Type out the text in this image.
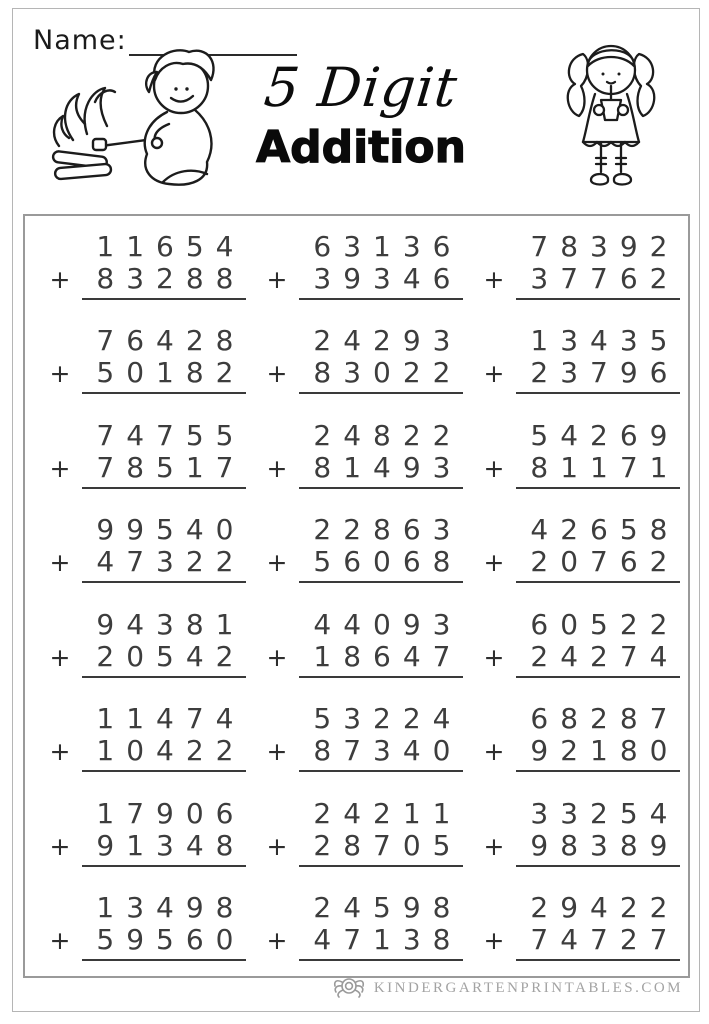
Name:
5 Digit
Addition
11654
+ 83288
63136
+ 39346
78392
+ 37762
76428
+ 50182
24293
+ 83022
13435
+ 23796
74755
+ 78517
24822
+ 81493
54269
+ 81171
99540
+ 47322
22863
+ 56068
42658
+ 20762
94381
+ 20542
44093
+ 18647
60522
+ 24274
11474
+ 10422
53224
+ 87340
68287
+ 92180
17906
+ 91348
24211
+ 28705
33254
+ 98389
13498
+ 59560
24598
+ 47138
29422
+ 74727
KINDERGARTENPRINTABLES.COM
